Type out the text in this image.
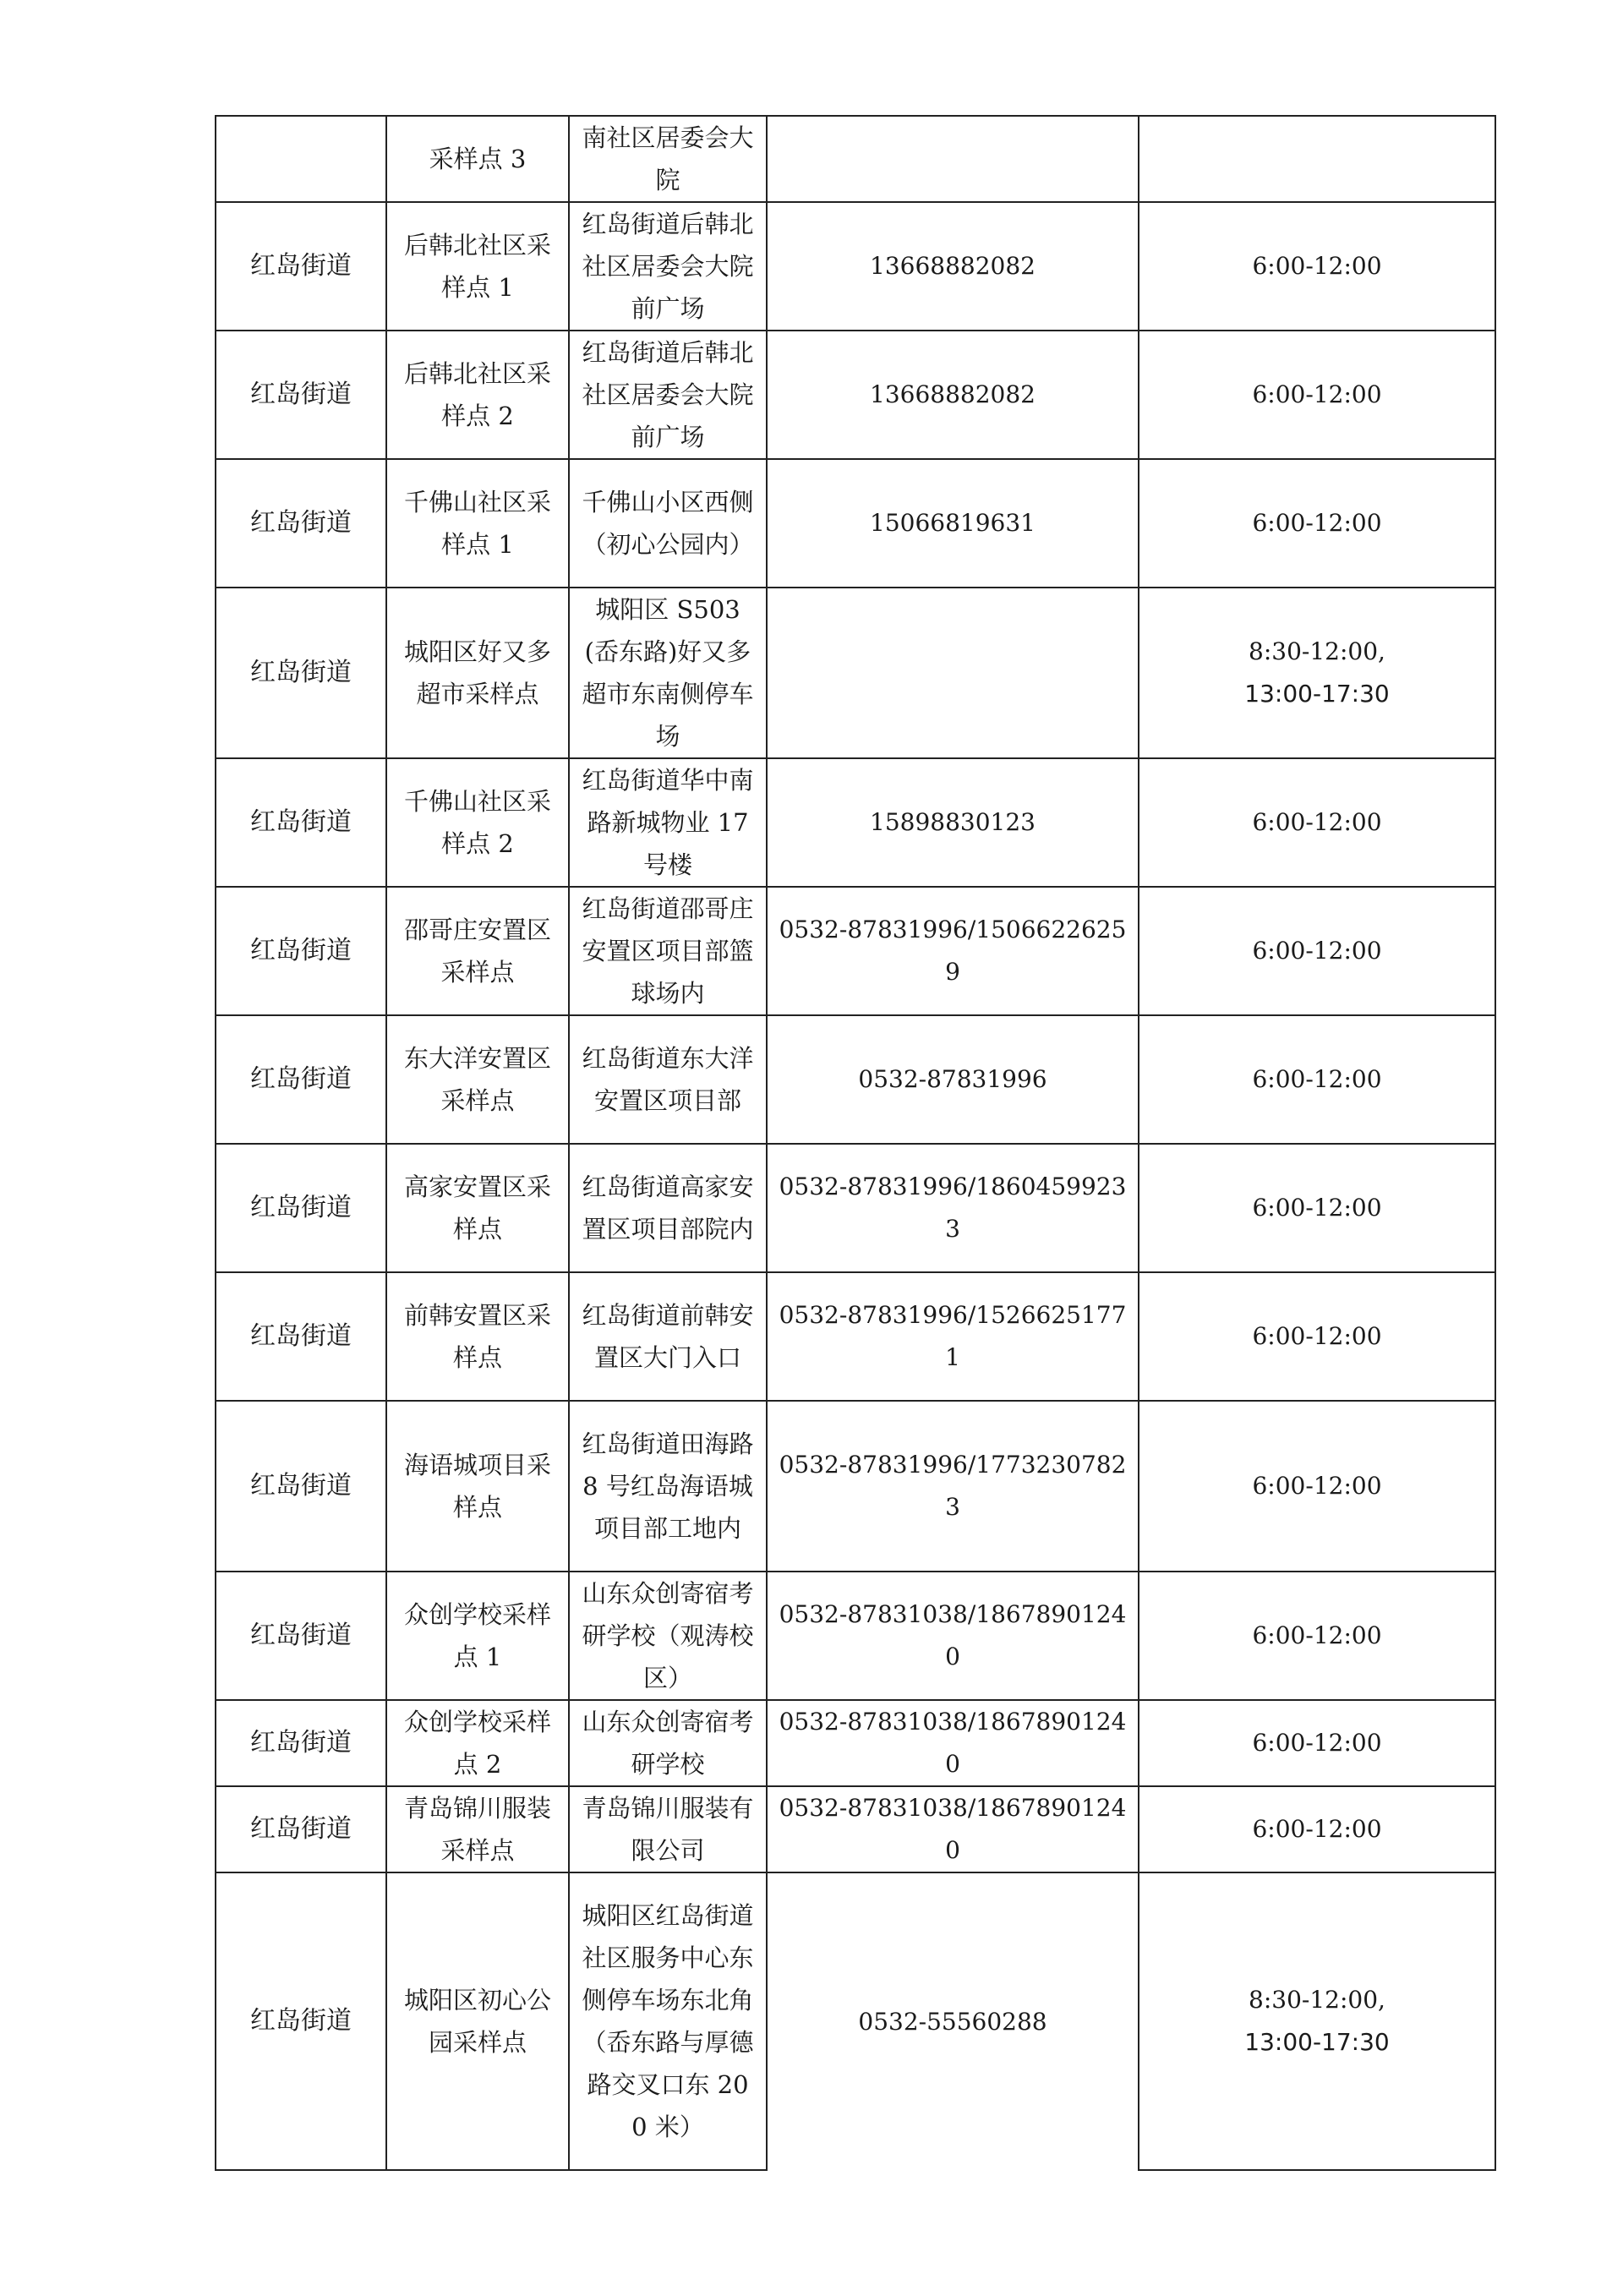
	采样点 3	南社区居委会大院		

红岛街道	后韩北社区采样点 1	红岛街道后韩北社区居委会大院前广场	13668882082	6:00-12:00

红岛街道	后韩北社区采样点 2	红岛街道后韩北社区居委会大院前广场	13668882082	6:00-12:00

红岛街道	千佛山社区采样点 1	千佛山小区西侧（初心公园内）	15066819631	6:00-12:00

红岛街道	城阳区好又多超市采样点	城阳区 S503(岙东路)好又多超市东南侧停车场		8:30-12:00,
13:00-17:30

红岛街道	千佛山社区采样点 2	红岛街道华中南路新城物业 17 号楼	15898830123	6:00-12:00

红岛街道	邵哥庄安置区采样点	红岛街道邵哥庄安置区项目部篮球场内	0532-87831996/15066226259	6:00-12:00

红岛街道	东大洋安置区采样点	红岛街道东大洋安置区项目部	0532-87831996	6:00-12:00

红岛街道	高家安置区采样点	红岛街道高家安置区项目部院内	0532-87831996/18604599233	6:00-12:00

红岛街道	前韩安置区采样点	红岛街道前韩安置区大门入口	0532-87831996/15266251771	6:00-12:00

红岛街道	海语城项目采样点	红岛街道田海路 8 号红岛海语城项目部工地内	0532-87831996/17732307823	6:00-12:00

红岛街道	众创学校采样点 1	山东众创寄宿考研学校（观涛校区）	0532-87831038/18678901240	6:00-12:00

红岛街道	众创学校采样点 2	山东众创寄宿考研学校	0532-87831038/18678901240	6:00-12:00

红岛街道	青岛锦川服装采样点	青岛锦川服装有限公司	0532-87831038/18678901240	6:00-12:00

红岛街道	城阳区初心公园采样点	城阳区红岛街道社区服务中心东侧停车场东北角（岙东路与厚德路交叉口东 200 米）	0532-55560288	8:30-12:00,
13:00-17:30
